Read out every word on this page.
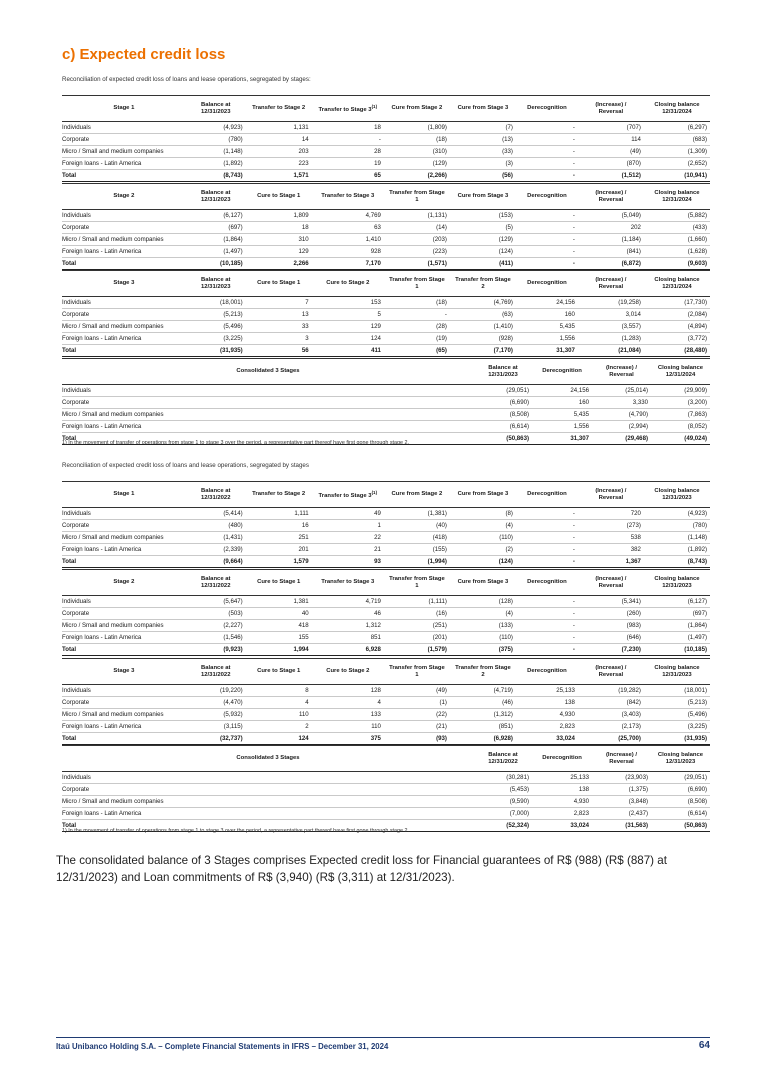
c) Expected credit loss
Reconciliation of expected credit loss of loans and lease operations, segregated by stages:
Stage 1	Balance at
12/31/2023	Transfer to Stage 2	Transfer to Stage 3$^{(1)}$	Cure from Stage 2	Cure from Stage 3	Derecognition	(Increase) /
Reversal	Closing balance
12/31/2024
Individuals	(4,923)	1,131	18	(1,809)	(7)	-	(707)	(6,297)
Corporate	(780)	14	-	(18)	(13)	-	114	(683)
Micro / Small and medium companies	(1,148)	203	28	(310)	(33)	-	(49)	(1,309)
Foreign loans - Latin America	(1,892)	223	19	(129)	(3)	-	(870)	(2,652)
Total	(8,743)	1,571	65	(2,266)	(56)	-	(1,512)	(10,941)
Stage 2	Balance at
12/31/2023	Cure to Stage 1	Transfer to Stage 3	Transfer from Stage
1	Cure from Stage 3	Derecognition	(Increase) /
Reversal	Closing balance
12/31/2024
Individuals	(6,127)	1,809	4,769	(1,131)	(153)	-	(5,049)	(5,882)
Corporate	(697)	18	63	(14)	(5)	-	202	(433)
Micro / Small and medium companies	(1,864)	310	1,410	(203)	(129)	-	(1,184)	(1,660)
Foreign loans - Latin America	(1,497)	129	928	(223)	(124)	-	(841)	(1,628)
Total	(10,185)	2,266	7,170	(1,571)	(411)	-	(6,872)	(9,603)
Stage 3	Balance at
12/31/2023	Cure to Stage 1	Cure to Stage 2	Transfer from Stage
1	Transfer from Stage
2	Derecognition	(Increase) /
Reversal	Closing balance
12/31/2024
Individuals	(18,001)	7	153	(18)	(4,769)	24,156	(19,258)	(17,730)
Corporate	(5,213)	13	5	-	(63)	160	3,014	(2,084)
Micro / Small and medium companies	(5,496)	33	129	(28)	(1,410)	5,435	(3,557)	(4,894)
Foreign loans - Latin America	(3,225)	3	124	(19)	(928)	1,556	(1,283)	(3,772)
Total	(31,935)	56	411	(65)	(7,170)	31,307	(21,084)	(28,480)
Consolidated 3 Stages	Balance at
12/31/2023	Derecognition	(Increase) /
Reversal	Closing balance
12/31/2024
Individuals	(29,051)	24,156	(25,014)	(29,909)
Corporate	(6,690)	160	3,330	(3,200)
Micro / Small and medium companies	(8,508)	5,435	(4,790)	(7,863)
Foreign loans - Latin America	(6,614)	1,556	(2,994)	(8,052)
Total	(50,863)	31,307	(29,468)	(49,024)
1) In the movement of transfer of operations from stage 1 to stage 3 over the period, a representative part thereof have first gone through stage 2.
Reconciliation of expected credit loss of loans and lease operations, segregated by stages
Stage 1	Balance at
12/31/2022	Transfer to Stage 2	Transfer to Stage 3$^{(1)}$	Cure from Stage 2	Cure from Stage 3	Derecognition	(Increase) /
Reversal	Closing balance
12/31/2023
Individuals	(5,414)	1,111	49	(1,381)	(8)	-	720	(4,923)
Corporate	(480)	16	1	(40)	(4)	-	(273)	(780)
Micro / Small and medium companies	(1,431)	251	22	(418)	(110)	-	538	(1,148)
Foreign loans - Latin America	(2,339)	201	21	(155)	(2)	-	382	(1,892)
Total	(9,664)	1,579	93	(1,994)	(124)	-	1,367	(8,743)
Stage 2	Balance at
12/31/2022	Cure to Stage 1	Transfer to Stage 3	Transfer from Stage
1	Cure from Stage 3	Derecognition	(Increase) /
Reversal	Closing balance
12/31/2023
Individuals	(5,647)	1,381	4,719	(1,111)	(128)	-	(5,341)	(6,127)
Corporate	(503)	40	46	(16)	(4)	-	(260)	(697)
Micro / Small and medium companies	(2,227)	418	1,312	(251)	(133)	-	(983)	(1,864)
Foreign loans - Latin America	(1,546)	155	851	(201)	(110)	-	(646)	(1,497)
Total	(9,923)	1,994	6,928	(1,579)	(375)	-	(7,230)	(10,185)
Stage 3	Balance at
12/31/2022	Cure to Stage 1	Cure to Stage 2	Transfer from Stage
1	Transfer from Stage
2	Derecognition	(Increase) /
Reversal	Closing balance
12/31/2023
Individuals	(19,220)	8	128	(49)	(4,719)	25,133	(19,282)	(18,001)
Corporate	(4,470)	4	4	(1)	(46)	138	(842)	(5,213)
Micro / Small and medium companies	(5,932)	110	133	(22)	(1,312)	4,930	(3,403)	(5,496)
Foreign loans - Latin America	(3,115)	2	110	(21)	(851)	2,823	(2,173)	(3,225)
Total	(32,737)	124	375	(93)	(6,928)	33,024	(25,700)	(31,935)
Consolidated 3 Stages	Balance at
12/31/2022	Derecognition	(Increase) /
Reversal	Closing balance
12/31/2023
Individuals	(30,281)	25,133	(23,903)	(29,051)
Corporate	(5,453)	138	(1,375)	(6,690)
Micro / Small and medium companies	(9,590)	4,930	(3,848)	(8,508)
Foreign loans - Latin America	(7,000)	2,823	(2,437)	(6,614)
Total	(52,324)	33,024	(31,563)	(50,863)
1) In the movement of transfer of operations from stage 1 to stage 3 over the period, a representative part thereof have first gone through stage 2.

The consolidated balance of 3 Stages comprises Expected credit loss for Financial guarantees of R$ (988) (R$ (887) at 12/31/2023) and Loan commitments of R$ (3,940) (R$ (3,311) at 12/31/2023).

Itaú Unibanco Holding S.A. – Complete Financial Statements in IFRS – December 31, 2024	64
